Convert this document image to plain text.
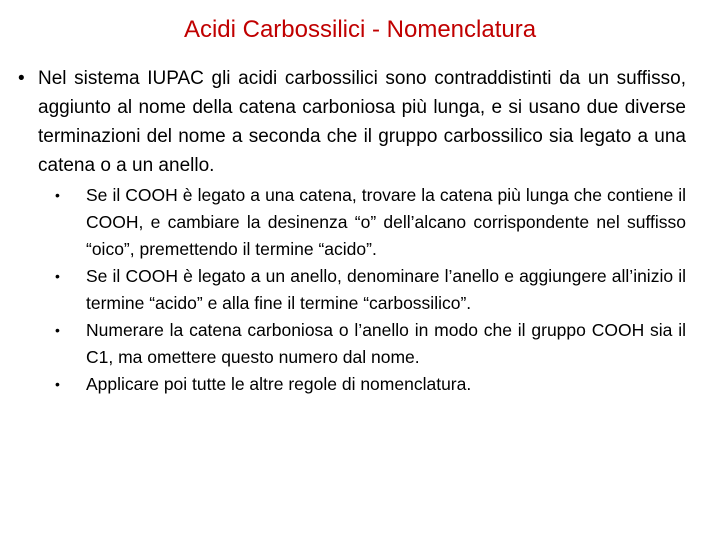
Acidi Carbossilici - Nomenclatura
• Nel sistema IUPAC gli acidi carbossilici sono contraddistinti da un suffisso, aggiunto al nome della catena carboniosa più lunga, e si usano due diverse terminazioni del nome a seconda che il gruppo carbossilico sia legato a una catena o a un anello.
•	Se il COOH è legato a una catena, trovare la catena più lunga che contiene il COOH, e cambiare la desinenza “o” dell’alcano corrispondente nel suffisso “oico”, premettendo il termine “acido”.
•	Se il COOH è legato a un anello, denominare l’anello e aggiungere all’inizio il termine “acido” e alla fine il termine “carbossilico”.
•	Numerare la catena carboniosa o l’anello in modo che il gruppo COOH sia il C1, ma omettere questo numero dal nome.
•	Applicare poi tutte le altre regole di nomenclatura.
